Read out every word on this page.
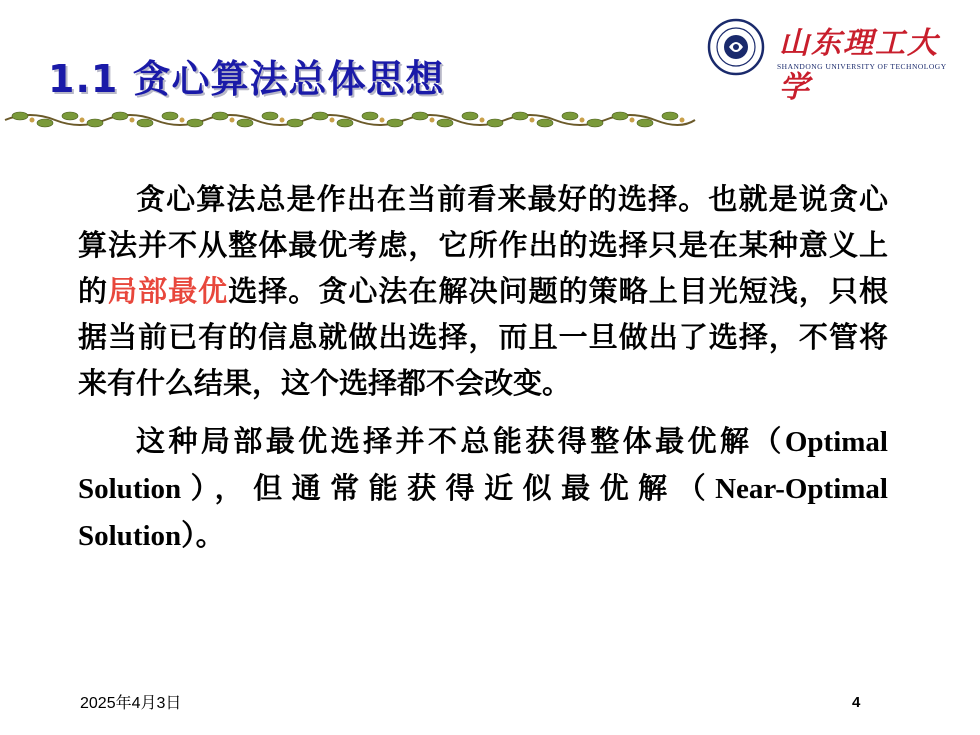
1.1 贪心算法总体思想
山东理工大学
SHANDONG UNIVERSITY OF TECHNOLOGY

贪心算法总是作出在当前看来最好的选择。也就是说贪心算法并不从整体最优考虑，它所作出的选择只是在某种意义上的局部最优选择。贪心法在解决问题的策略上目光短浅，只根据当前已有的信息就做出选择，而且一旦做出了选择，不管将来有什么结果，这个选择都不会改变。

这种局部最优选择并不总能获得整体最优解（Optimal Solution），但通常能获得近似最优解（Near-Optimal Solution）。

2025年4月3日	4
